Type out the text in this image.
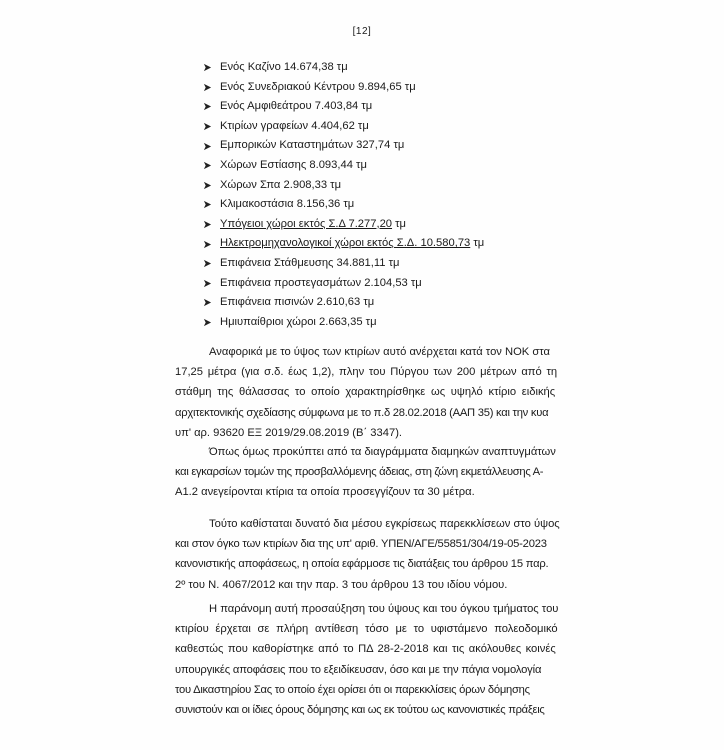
[12]
Ενός Καζίνο 14.674,38 τμ
Ενός Συνεδριακού Κέντρου 9.894,65 τμ
Ενός Αμφιθεάτρου 7.403,84 τμ
Κτιρίων γραφείων 4.404,62 τμ
Εμπορικών Καταστημάτων 327,74 τμ
Χώρων Εστίασης 8.093,44 τμ
Χώρων Σπα 2.908,33 τμ
Κλιμακοστάσια 8.156,36 τμ
Υπόγειοι χώροι εκτός Σ.Δ 7.277,20 τμ
Ηλεκτρομηχανολογικοί χώροι εκτός Σ.Δ. 10.580,73 τμ
Επιφάνεια Στάθμευσης 34.881,11 τμ
Επιφάνεια προστεγασμάτων 2.104,53 τμ
Επιφάνεια πισινών 2.610,63 τμ
Ημιυπαίθριοι χώροι 2.663,35 τμ
Αναφορικά με το ύψος των κτιρίων αυτό ανέρχεται κατά τον ΝΟΚ στα
17,25 μέτρα (για σ.δ. έως 1,2), πλην του Πύργου των 200 μέτρων από τη
στάθμη της θάλασσας το οποίο χαρακτηρίσθηκε ως υψηλό κτίριο ειδικής
αρχιτεκτονικής σχεδίασης σύμφωνα με το π.δ 28.02.2018 (ΑΑΠ 35) και την κυα
υπ' αρ. 93620 ΕΞ 2019/29.08.2019 (Β΄ 3347).
Όπως όμως προκύπτει από τα διαγράμματα διαμηκών αναπτυγμάτων
και εγκαρσίων τομών της προσβαλλόμενης άδειας, στη ζώνη εκμετάλλευσης Α-
Α1.2 ανεγείρονται κτίρια τα οποία προσεγγίζουν τα 30 μέτρα.
Τούτο καθίσταται δυνατό δια μέσου εγκρίσεως παρεκκλίσεων στο ύψος
και στον όγκο των κτιρίων δια της υπ' αριθ. ΥΠΕΝ/ΑΓΕ/55851/304/19-05-2023
κανονιστικής αποφάσεως, η οποία εφάρμοσε τις διατάξεις του άρθρου 15 παρ.
2º του Ν. 4067/2012 και την παρ. 3 του άρθρου 13 του ιδίου νόμου.
Η παράνομη αυτή προσαύξηση του ύψους και του όγκου τμήματος του
κτιρίου έρχεται σε πλήρη αντίθεση τόσο με το υφιστάμενο πολεοδομικό
καθεστώς που καθορίστηκε από το ΠΔ 28-2-2018 και τις ακόλουθες κοινές
υπουργικές αποφάσεις που το εξειδίκευσαν, όσο και με την πάγια νομολογία
του Δικαστηρίου Σας το οποίο έχει ορίσει ότι οι παρεκκλίσεις όρων δόμησης
συνιστούν και οι ίδιες όρους δόμησης και ως εκ τούτου ως κανονιστικές πράξεις
